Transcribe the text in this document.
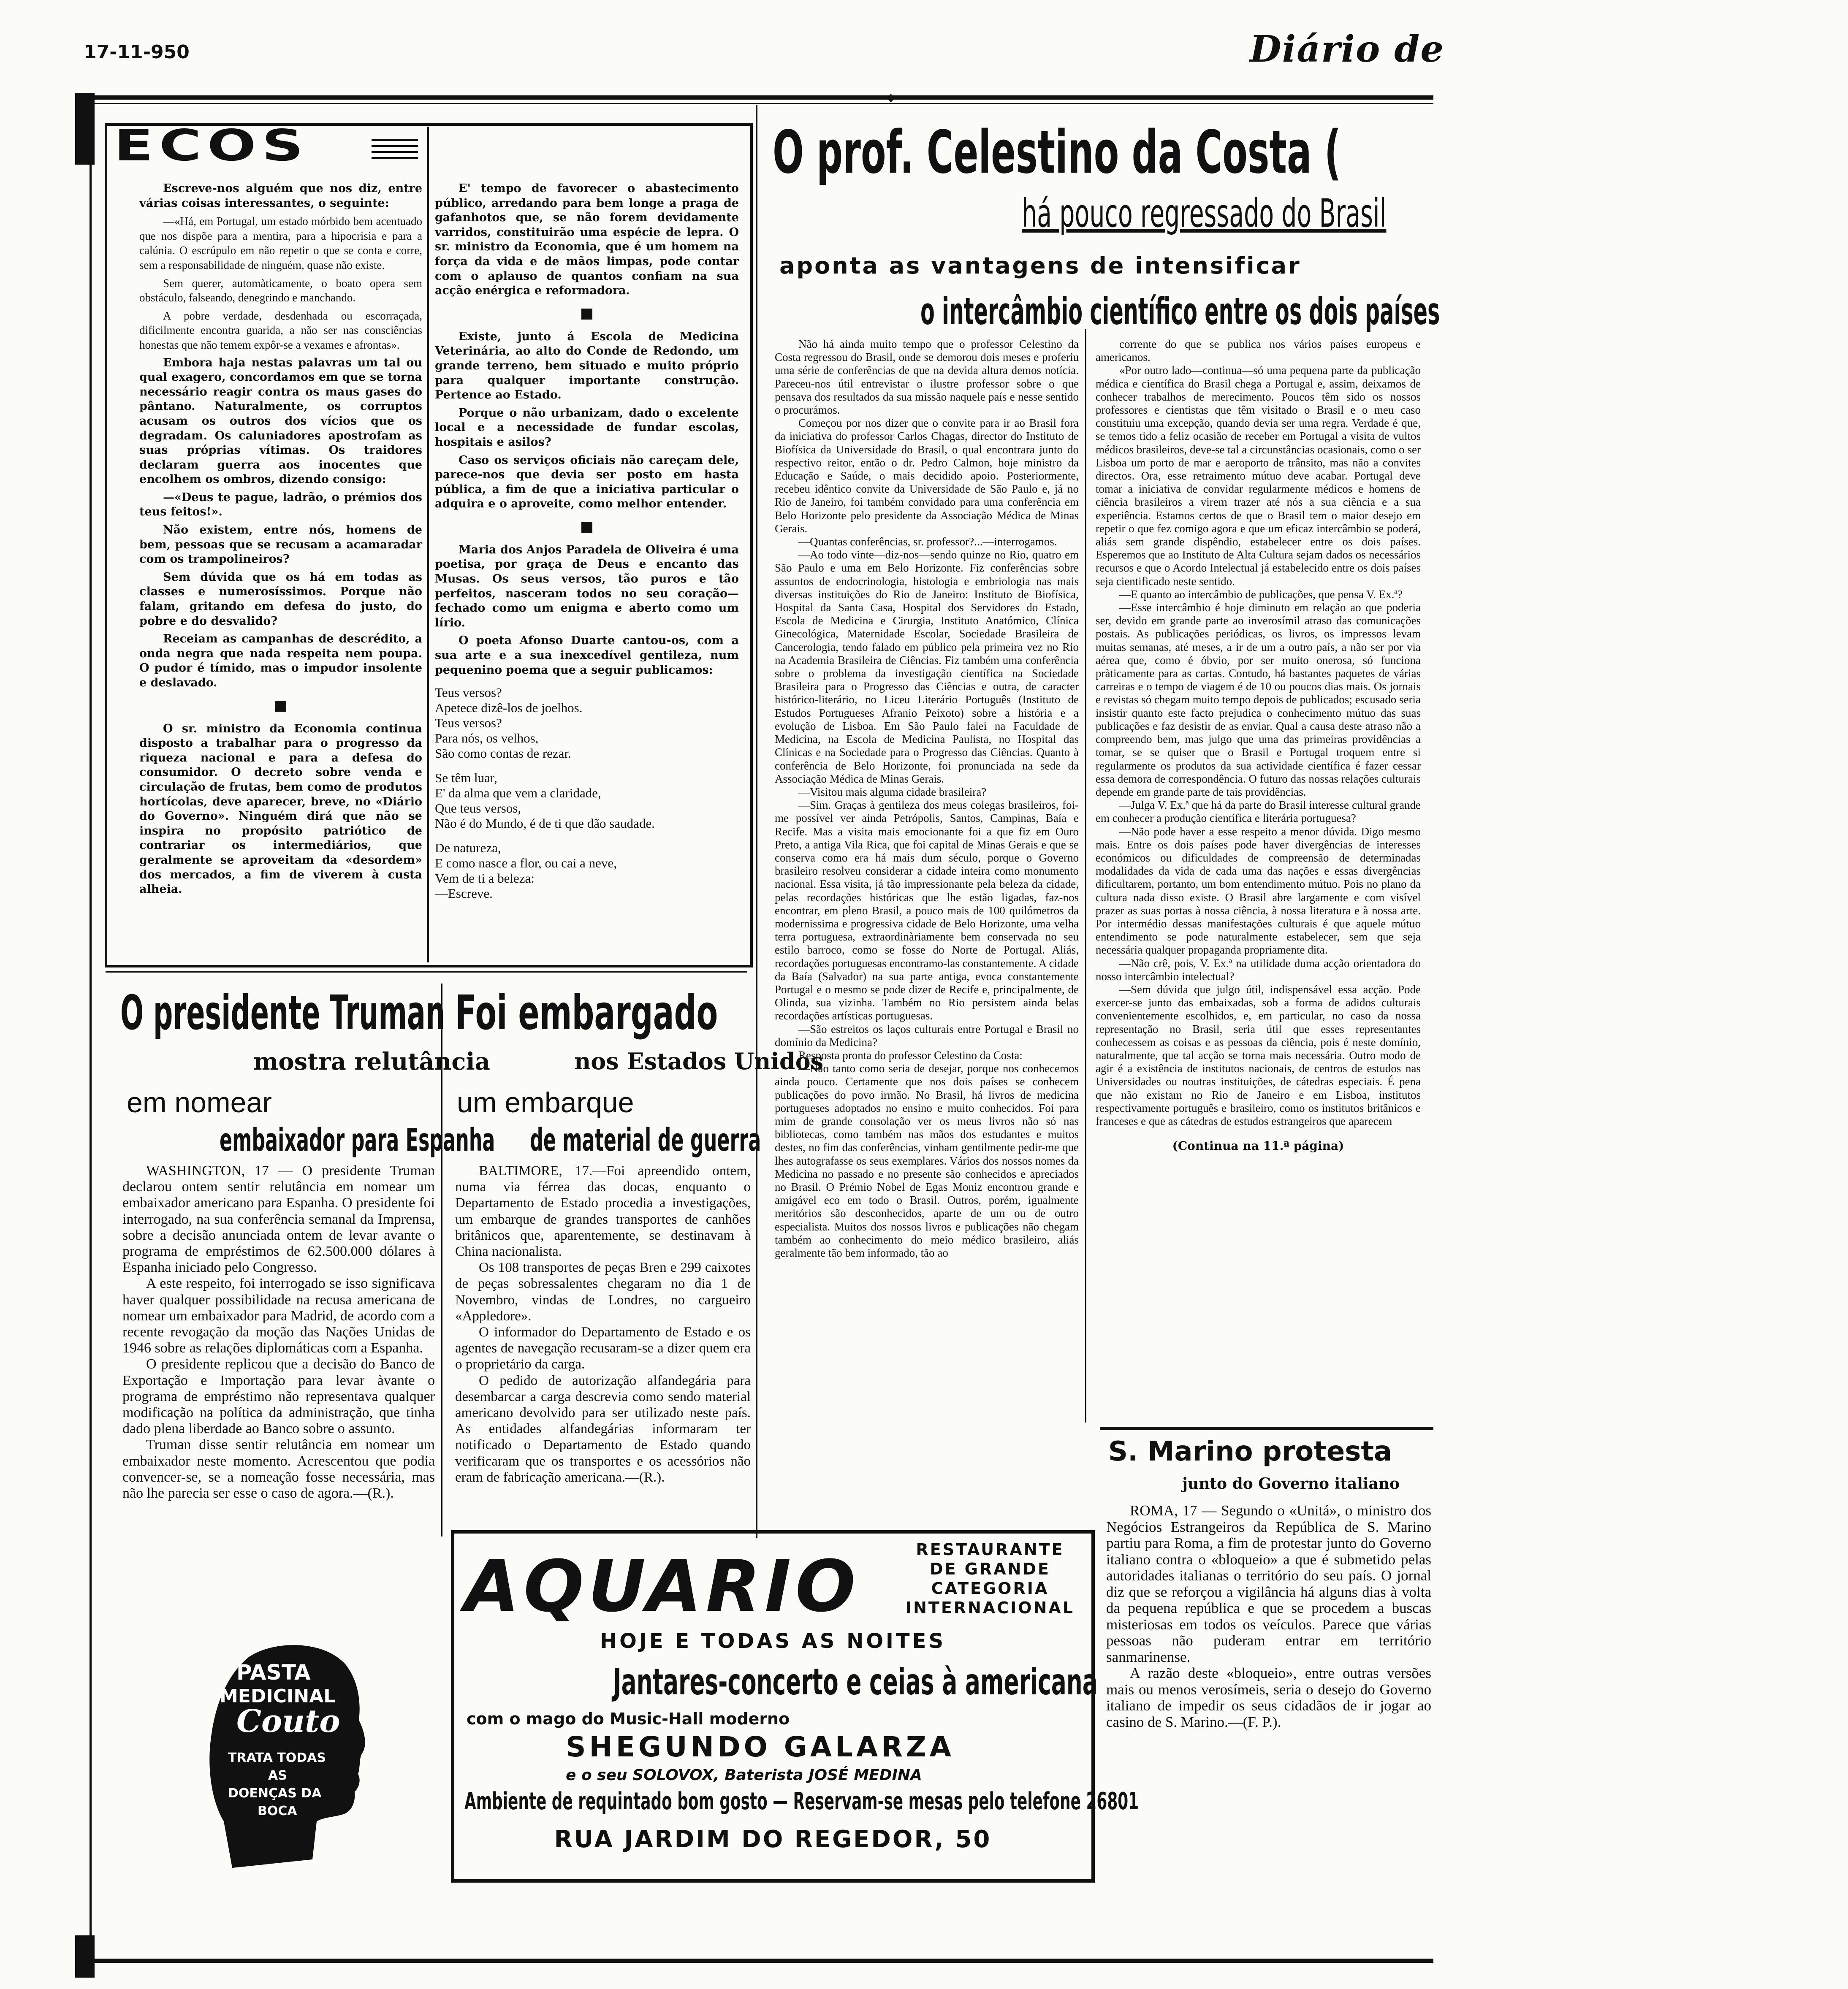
17-11-950	Diário de
ECOS

Escreve-nos alguém que nos diz, entre várias coisas interessantes, o seguinte:

—«Há, em Portugal, um estado mórbido bem acentuado que nos dispõe para a mentira, para a hipocrisia e para a calúnia. O escrúpulo em não repetir o que se conta e corre, sem a responsabilidade de ninguém, quase não existe.

Sem querer, automàticamente, o boato opera sem obstáculo, falseando, denegrindo e manchando.

A pobre verdade, desdenhada ou escorraçada, dificilmente encontra guarida, a não ser nas consciências honestas que não temem expôr-se a vexames e afrontas».

Embora haja nestas palavras um tal ou qual exagero, concordamos em que se torna necessário reagir contra os maus gases do pântano. Naturalmente, os corruptos acusam os outros dos vícios que os degradam. Os caluniadores apostrofam as suas próprias vítimas. Os traidores declaram guerra aos inocentes que encolhem os ombros, dizendo consigo:

—«Deus te pague, ladrão, o prémios dos teus feitos!».

Não existem, entre nós, homens de bem, pessoas que se recusam a acamaradar com os trampolineiros?

Sem dúvida que os há em todas as classes e numerosíssimos. Porque não falam, gritando em defesa do justo, do pobre e do desvalido?

Receiam as campanhas de descrédito, a onda negra que nada respeita nem poupa. O pudor é tímido, mas o impudor insolente e deslavado.

O sr. ministro da Economia continua disposto a trabalhar para o progresso da riqueza nacional e para a defesa do consumidor. O decreto sobre venda e circulação de frutas, bem como de produtos hortícolas, deve aparecer, breve, no «Diário do Governo». Ninguém dirá que não se inspira no propósito patriótico de contrariar os intermediários, que geralmente se aproveitam da «desordem» dos mercados, a fim de viverem à custa alheia.

E' tempo de favorecer o abastecimento público, arredando para bem longe a praga de gafanhotos que, se não forem devidamente varridos, constituirão uma espécie de lepra. O sr. ministro da Economia, que é um homem na força da vida e de mãos limpas, pode contar com o aplauso de quantos confiam na sua acção enérgica e reformadora.

Existe, junto á Escola de Medicina Veterinária, ao alto do Conde de Redondo, um grande terreno, bem situado e muito próprio para qualquer importante construção. Pertence ao Estado.

Porque o não urbanizam, dado o excelente local e a necessidade de fundar escolas, hospitais e asilos?

Caso os serviços oficiais não careçam dele, parece-nos que devia ser posto em hasta pública, a fim de que a iniciativa particular o adquira e o aproveite, como melhor entender.

Maria dos Anjos Paradela de Oliveira é uma poetisa, por graça de Deus e encanto das Musas. Os seus versos, tão puros e tão perfeitos, nasceram todos no seu coração—fechado como um enigma e aberto como um lírio.

O poeta Afonso Duarte cantou-os, com a sua arte e a sua inexcedível gentileza, num pequenino poema que a seguir publicamos:

Teus versos?
Apetece dizê-los de joelhos.
Teus versos?
Para nós, os velhos,
São como contas de rezar.
Se têm luar,
E' da alma que vem a claridade,
Que teus versos,
Não é do Mundo, é de ti que dão saudade.
De natureza,
E como nasce a flor, ou cai a neve,
Vem de ti a beleza:
—Escreve.
O prof. Celestino da Costa (
há pouco regressado do Brasil
aponta as vantagens de intensificar
o intercâmbio científico entre os dois países

Não há ainda muito tempo que o professor Celestino da Costa regressou do Brasil, onde se demorou dois meses e proferiu uma série de conferências de que na devida altura demos notícia. Pareceu-nos útil entrevistar o ilustre professor sobre o que pensava dos resultados da sua missão naquele país e nesse sentido o procurámos.

Começou por nos dizer que o convite para ir ao Brasil fora da iniciativa do professor Carlos Chagas, director do Instituto de Biofísica da Universidade do Brasil, o qual encontrara junto do respectivo reitor, então o dr. Pedro Calmon, hoje ministro da Educação e Saúde, o mais decidido apoio. Posteriormente, recebeu idêntico convite da Universidade de São Paulo e, já no Rio de Janeiro, foi também convidado para uma conferência em Belo Horizonte pelo presidente da Associação Médica de Minas Gerais.

—Quantas conferências, sr. professor?...—interrogamos.

—Ao todo vinte—diz-nos—sendo quinze no Rio, quatro em São Paulo e uma em Belo Horizonte. Fiz conferências sobre assuntos de endocrinologia, histologia e embriologia nas mais diversas instituições do Rio de Janeiro: Instituto de Biofísica, Hospital da Santa Casa, Hospital dos Servidores do Estado, Escola de Medicina e Cirurgia, Instituto Anatómico, Clínica Ginecológica, Maternidade Escolar, Sociedade Brasileira de Cancerologia, tendo falado em público pela primeira vez no Rio na Academia Brasileira de Ciências. Fiz também uma conferência sobre o problema da investigação científica na Sociedade Brasileira para o Progresso das Ciências e outra, de caracter histórico-literário, no Liceu Literário Português (Instituto de Estudos Portugueses Afranio Peixoto) sobre a história e a evolução de Lisboa. Em São Paulo falei na Faculdade de Medicina, na Escola de Medicina Paulista, no Hospital das Clínicas e na Sociedade para o Progresso das Ciências. Quanto à conferência de Belo Horizonte, foi pronunciada na sede da Associação Médica de Minas Gerais.

—Visitou mais alguma cidade brasileira?

—Sim. Graças à gentileza dos meus colegas brasileiros, foi-me possível ver ainda Petrópolis, Santos, Campinas, Baía e Recife. Mas a visita mais emocionante foi a que fiz em Ouro Preto, a antiga Vila Rica, que foi capital de Minas Gerais e que se conserva como era há mais dum século, porque o Governo brasileiro resolveu considerar a cidade inteira como monumento nacional. Essa visita, já tão impressionante pela beleza da cidade, pelas recordações históricas que lhe estão ligadas, faz-nos encontrar, em pleno Brasil, a pouco mais de 100 quilómetros da modernissima e progressiva cidade de Belo Horizonte, uma velha terra portuguesa, extraordinàriamente bem conservada no seu estilo barroco, como se fosse do Norte de Portugal. Aliás, recordações portuguesas encontramo-las constantemente. A cidade da Baía (Salvador) na sua parte antiga, evoca constantemente Portugal e o mesmo se pode dizer de Recife e, principalmente, de Olinda, sua vizinha. Também no Rio persistem ainda belas recordações artísticas portuguesas.

—São estreitos os laços culturais entre Portugal e Brasil no domínio da Medicina?

Resposta pronta do professor Celestino da Costa:

—Não tanto como seria de desejar, porque nos conhecemos ainda pouco. Certamente que nos dois países se conhecem publicações do povo irmão. No Brasil, há livros de medicina portugueses adoptados no ensino e muito conhecidos. Foi para mim de grande consolação ver os meus livros não só nas bibliotecas, como também nas mãos dos estudantes e muitos destes, no fim das conferências, vinham gentilmente pedir-me que lhes autografasse os seus exemplares. Vários dos nossos nomes da Medicina no passado e no presente são conhecidos e apreciados no Brasil. O Prémio Nobel de Egas Moniz encontrou grande e amigável eco em todo o Brasil. Outros, porém, igualmente meritórios são desconhecidos, aparte de um ou de outro especialista. Muitos dos nossos livros e publicações não chegam também ao conhecimento do meio médico brasileiro, aliás geralmente tão bem informado, tão ao

corrente do que se publica nos vários países europeus e americanos.

«Por outro lado—continua—só uma pequena parte da publicação médica e científica do Brasil chega a Portugal e, assim, deixamos de conhecer trabalhos de merecimento. Poucos têm sido os nossos professores e cientistas que têm visitado o Brasil e o meu caso constituiu uma excepção, quando devia ser uma regra. Verdade é que, se temos tido a feliz ocasião de receber em Portugal a visita de vultos médicos brasileiros, deve-se tal a circunstâncias ocasionais, como o ser Lisboa um porto de mar e aeroporto de trânsito, mas não a convites directos. Ora, esse retraimento mútuo deve acabar. Portugal deve tomar a iniciativa de convidar regularmente médicos e homens de ciência brasileiros a virem trazer até nós a sua ciência e a sua experiência. Estamos certos de que o Brasil tem o maior desejo em repetir o que fez comigo agora e que um eficaz intercâmbio se poderá, aliás sem grande dispêndio, estabelecer entre os dois países. Esperemos que ao Instituto de Alta Cultura sejam dados os necessários recursos e que o Acordo Intelectual já estabelecido entre os dois países seja cientificado neste sentido.

—E quanto ao intercâmbio de publicações, que pensa V. Ex.ª?

—Esse intercâmbio é hoje diminuto em relação ao que poderia ser, devido em grande parte ao inverosímil atraso das comunicações postais. As publicações periódicas, os livros, os impressos levam muitas semanas, até meses, a ir de um a outro país, a não ser por via aérea que, como é óbvio, por ser muito onerosa, só funciona pràticamente para as cartas. Contudo, há bastantes paquetes de várias carreiras e o tempo de viagem é de 10 ou poucos dias mais. Os jornais e revistas só chegam muito tempo depois de publicados; escusado seria insistir quanto este facto prejudica o conhecimento mútuo das suas publicações e faz desistir de as enviar. Qual a causa deste atraso não a compreendo bem, mas julgo que uma das primeiras providências a tomar, se se quiser que o Brasil e Portugal troquem entre si regularmente os produtos da sua actividade científica é fazer cessar essa demora de correspondência. O futuro das nossas relações culturais depende em grande parte de tais providências.

—Julga V. Ex.ª que há da parte do Brasil interesse cultural grande em conhecer a produção científica e literária portuguesa?

—Não pode haver a esse respeito a menor dúvida. Digo mesmo mais. Entre os dois países pode haver divergências de interesses económicos ou dificuldades de compreensão de determinadas modalidades da vida de cada uma das nações e essas divergências dificultarem, portanto, um bom entendimento mútuo. Pois no plano da cultura nada disso existe. O Brasil abre largamente e com visível prazer as suas portas à nossa ciência, à nossa literatura e à nossa arte. Por intermédio dessas manifestações culturais é que aquele mútuo entendimento se pode naturalmente estabelecer, sem que seja necessária qualquer propaganda propriamente dita.

—Não crê, pois, V. Ex.ª na utilidade duma acção orientadora do nosso intercâmbio intelectual?

—Sem dúvida que julgo útil, indispensável essa acção. Pode exercer-se junto das embaixadas, sob a forma de adidos culturais convenientemente escolhidos, e, em particular, no caso da nossa representação no Brasil, seria útil que esses representantes conhecessem as coisas e as pessoas da ciência, pois é neste domínio, naturalmente, que tal acção se torna mais necessária. Outro modo de agir é a existência de institutos nacionais, de centros de estudos nas Universidades ou noutras instituições, de cátedras especiais. É pena que não existam no Rio de Janeiro e em Lisboa, institutos respectivamente português e brasileiro, como os institutos britânicos e franceses e que as cátedras de estudos estrangeiros que aparecem

(Continua na 11.ª página)
S. Marino protesta
junto do Governo italiano

ROMA, 17 — Segundo o «Unitá», o ministro dos Negócios Estrangeiros da República de S. Marino partiu para Roma, a fim de protestar junto do Governo italiano contra o «bloqueio» a que é submetido pelas autoridades italianas o território do seu país. O jornal diz que se reforçou a vigilância há alguns dias à volta da pequena república e que se procedem a buscas misteriosas em todos os veículos. Parece que várias pessoas não puderam entrar em território sanmarinense.

A razão deste «bloqueio», entre outras versões mais ou menos verosímeis, seria o desejo do Governo italiano de impedir os seus cidadãos de ir jogar ao casino de S. Marino.—(F. P.).

O presidente Truman
mostra relutância
em nomear
embaixador para Espanha

WASHINGTON, 17 — O presidente Truman declarou ontem sentir relutância em nomear um embaixador americano para Espanha. O presidente foi interrogado, na sua conferência semanal da Imprensa, sobre a decisão anunciada ontem de levar avante o programa de empréstimos de 62.500.000 dólares à Espanha iniciado pelo Congresso.

A este respeito, foi interrogado se isso significava haver qualquer possibilidade na recusa americana de nomear um embaixador para Madrid, de acordo com a recente revogação da moção das Nações Unidas de 1946 sobre as relações diplomáticas com a Espanha.

O presidente replicou que a decisão do Banco de Exportação e Importação para levar àvante o programa de empréstimo não representava qualquer modificação na política da administração, que tinha dado plena liberdade ao Banco sobre o assunto.

Truman disse sentir relutância em nomear um embaixador neste momento. Acrescentou que podia convencer-se, se a nomeação fosse necessária, mas não lhe parecia ser esse o caso de agora.—(R.).

PASTA
MEDICINAL
Couto
TRATA TODAS
AS
DOENÇAS DA
BOCA
Foi embargado
nos Estados Unidos
um embarque
de material de guerra

BALTIMORE, 17.—Foi apreendido ontem, numa via férrea das docas, enquanto o Departamento de Estado procedia a investigações, um embarque de grandes transportes de canhões britânicos que, aparentemente, se destinavam à China nacionalista.

Os 108 transportes de peças Bren e 299 caixotes de peças sobressalentes chegaram no dia 1 de Novembro, vindas de Londres, no cargueiro «Appledore».

O informador do Departamento de Estado e os agentes de navegação recusaram-se a dizer quem era o proprietário da carga.

O pedido de autorização alfandegária para desembarcar a carga descrevia como sendo material americano devolvido para ser utilizado neste país. As entidades alfandegárias informaram ter notificado o Departamento de Estado quando verificaram que os transportes e os acessórios não eram de fabricação americana.—(R.).

AQUARIO	RESTAURANTE
DE GRANDE
CATEGORIA
INTERNACIONAL
HOJE E TODAS AS NOITES
Jantares-concerto e ceias à americana
com o mago do Music-Hall moderno
SHEGUNDO GALARZA
e o seu SOLOVOX, Baterista JOSÉ MEDINA
Ambiente de requintado bom gosto — Reservam-se mesas pelo telefone 26801
RUA JARDIM DO REGEDOR, 50
